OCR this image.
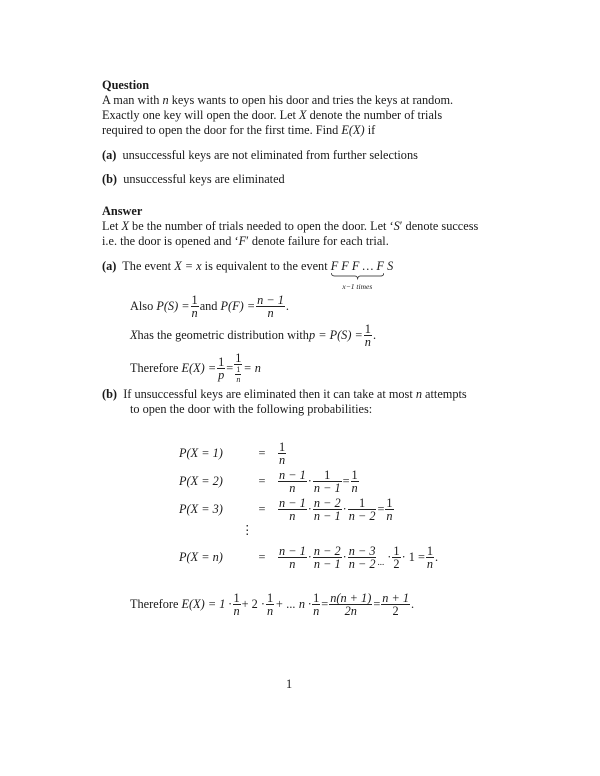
Question
A man with n keys wants to open his door and tries the keys at random.
Exactly one key will open the door. Let X denote the number of trials
required to open the door for the first time. Find E(X) if
(a) unsuccessful keys are not eliminated from further selections
(b) unsuccessful keys are eliminated
Answer
Let X be the number of trials needed to open the door. Let ‘S′ denote success
i.e. the door is opened and ‘F′ denote failure for each trial.
(a) The event X = x is equivalent to the event F F F … F
x−1 times
S
Also
$P(S) = \frac{1}{n}$ and
$P(F) = \frac{n - 1}{n}$ .
X has the geometric distribution with $p = P(S) = \frac{1}{n}$ .
Therefore
$E(X) = \frac{1}{p} = 1$
1
n = n
(b) If unsuccessful keys are eliminated then it can take at most n attempts
to open the door with the following probabilities:
P(X = 1)	=	$\frac{1}{n}$
P(X = 2)	=	$\frac{n - 1}{n} \cdot \frac{1}{n - 1} = \frac{1}{n}$
P(X = 3)	=	$\frac{n - 1}{n} \cdot \frac{n - 2}{n - 1} \cdot \frac{1}{n - 2} = \frac{1}{n}$
⋮
P(X = n)	=	$\frac{n - 1}{n} \cdot \frac{n - 2}{n - 1} \cdot \frac{n - 3}{n - 2}$ ...
· $\frac{1}{2} \cdot 1 = \frac{1}{n}$ .
Therefore
$E(X) = 1 \cdot \frac{1}{n} + 2 \cdot \frac{1}{n}$ + ... $n \cdot \frac{1}{n} = \frac{n(n + 1)}{2n} = \frac{n + 1}{2}$ .
1
